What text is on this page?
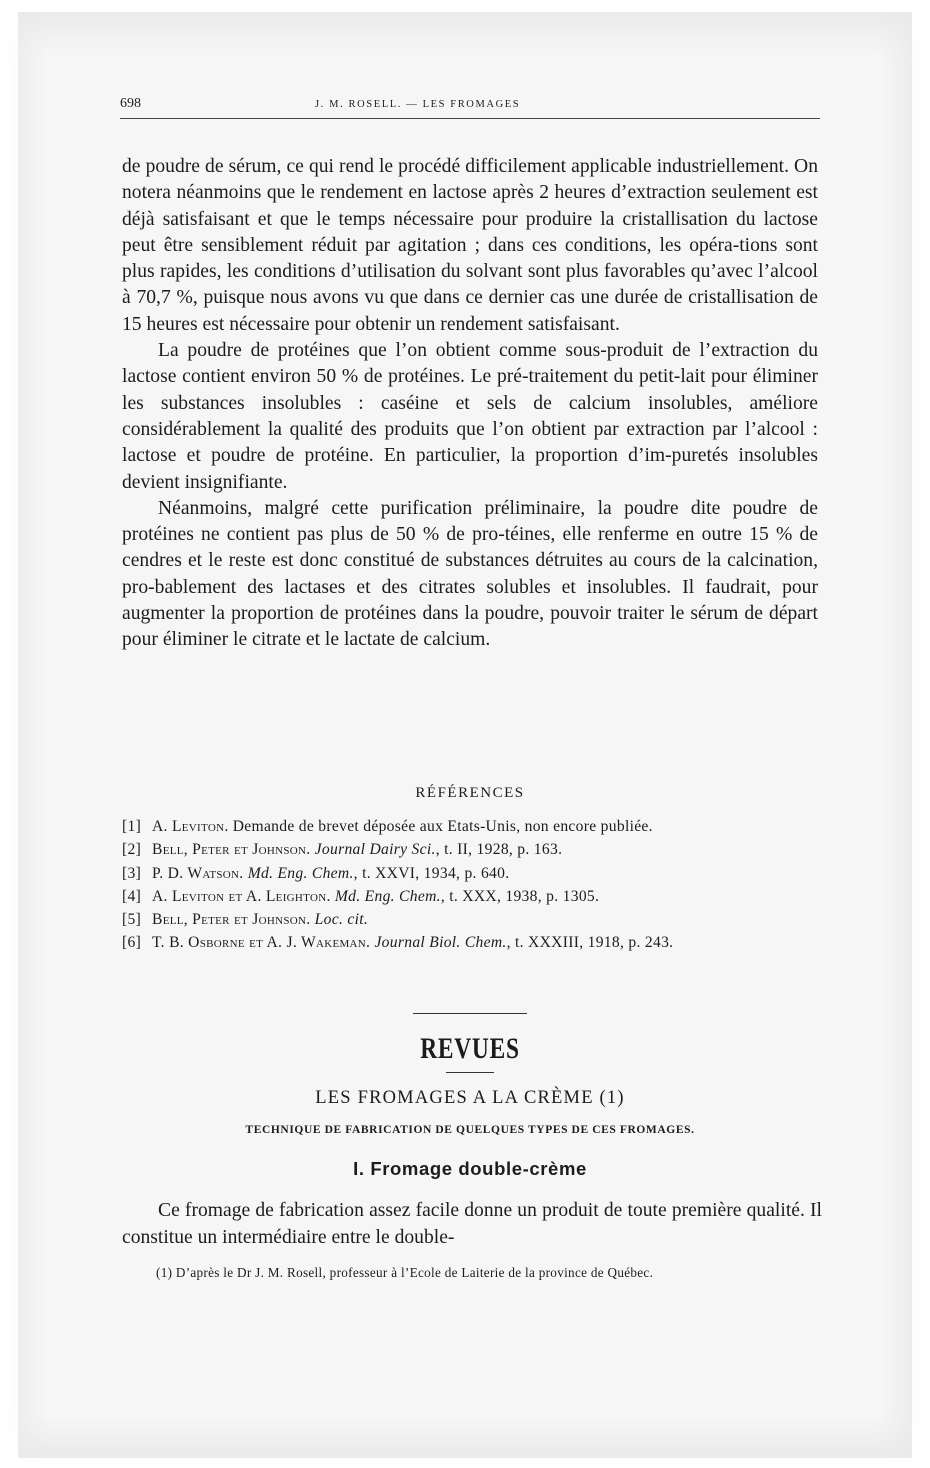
698	J. M. ROSELL. — LES FROMAGES

de poudre de sérum, ce qui rend le procédé difficilement applicable industriellement. On notera néanmoins que le rendement en lactose après 2 heures d’extraction seulement est déjà satisfaisant et que le temps nécessaire pour produire la cristallisation du lactose peut être sensiblement réduit par agitation ; dans ces conditions, les opéra-tions sont plus rapides, les conditions d’utilisation du solvant sont plus favorables qu’avec l’alcool à 70,7 %, puisque nous avons vu que dans ce dernier cas une durée de cristallisation de 15 heures est nécessaire pour obtenir un rendement satisfaisant.

La poudre de protéines que l’on obtient comme sous-produit de l’extraction du lactose contient environ 50 % de protéines. Le pré-traitement du petit-lait pour éliminer les substances insolubles : caséine et sels de calcium insolubles, améliore considérablement la qualité des produits que l’on obtient par extraction par l’alcool : lactose et poudre de protéine. En particulier, la proportion d’im-puretés insolubles devient insignifiante.

Néanmoins, malgré cette purification préliminaire, la poudre dite poudre de protéines ne contient pas plus de 50 % de pro-téines, elle renferme en outre 15 % de cendres et le reste est donc constitué de substances détruites au cours de la calcination, pro-bablement des lactases et des citrates solubles et insolubles. Il faudrait, pour augmenter la proportion de protéines dans la poudre, pouvoir traiter le sérum de départ pour éliminer le citrate et le lactate de calcium.

RÉFÉRENCES

[1] A. Leviton. Demande de brevet déposée aux Etats-Unis, non encore publiée.

[2] Bell, Peter et Johnson. Journal Dairy Sci., t. II, 1928, p. 163.

[3] P. D. Watson. Md. Eng. Chem., t. XXVI, 1934, p. 640.

[4] A. Leviton et A. Leighton. Md. Eng. Chem., t. XXX, 1938, p. 1305.

[5] Bell, Peter et Johnson. Loc. cit.

[6] T. B. Osborne et A. J. Wakeman. Journal Biol. Chem., t. XXXIII, 1918, p. 243.

REVUES
LES FROMAGES A LA CRÈME (1)
TECHNIQUE DE FABRICATION DE QUELQUES TYPES DE CES FROMAGES.
I. Fromage double-crème

Ce fromage de fabrication assez facile donne un produit de toute première qualité. Il constitue un intermédiaire entre le double-

(1) D’après le Dr J. M. Rosell, professeur à l’Ecole de Laiterie de la province de Québec.
